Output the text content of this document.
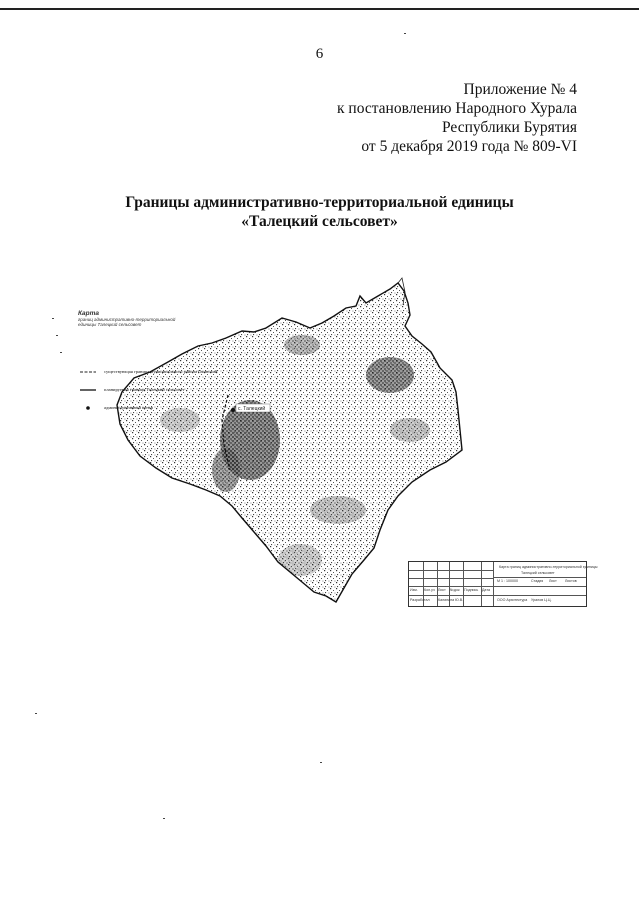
6
Приложение № 4
к постановлению Народного Хурала
Республики Бурятия
от 5 декабря 2019 года № 809-VI
Границы административно-территориальной единицы
«Талецкий сельсовет»
с. Талецкий
Карта
границ административно-территориальной единицы Талецкий сельсовет
существующая граница муниципального района Окинский
планируемая граница Талецкий сельсовет
административный центр
Изм. Кол.уч Лист №док Подпись Дата
Разработал Калинина Ю.В.
Карта границ административно-территориальной единицы
Талецкий сельсовет
М 1 : 100000	Стадия Лист Листов
ООО Архитектура Уралов Ц.Ц.
